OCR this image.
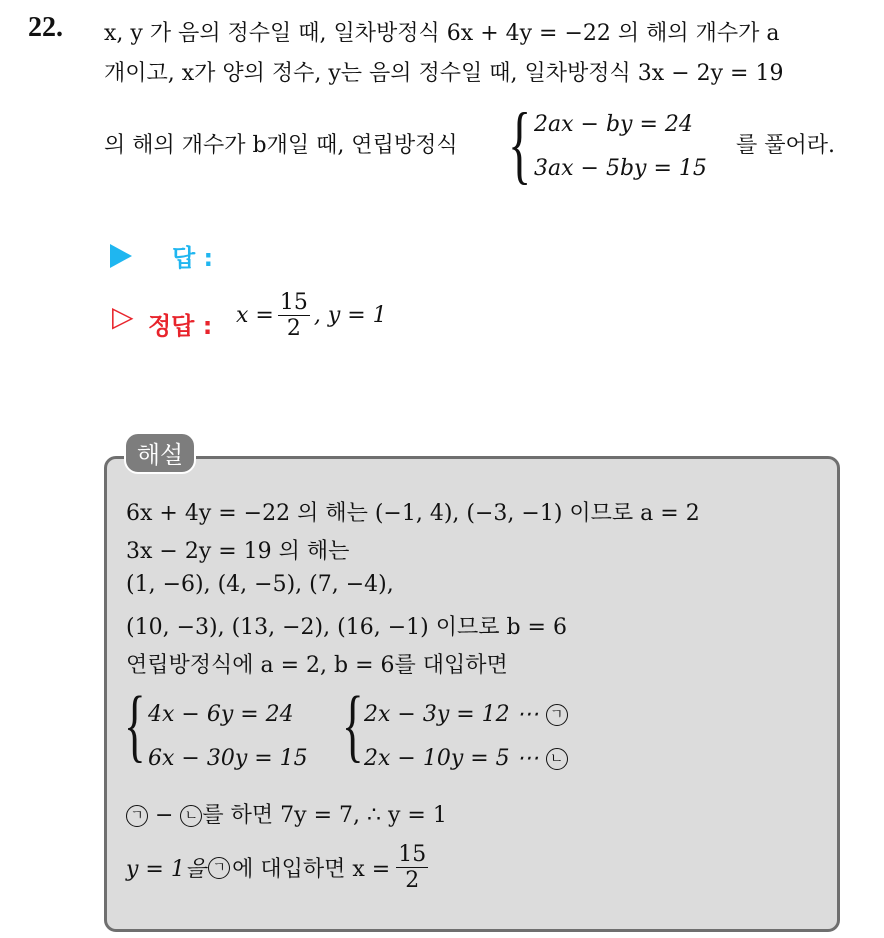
22. x, y 가 음의 정수일 때, 일차방정식 6x + 4y = −22 의 해의 개수가 a
개이고, x가 양의 정수, y는 음의 정수일 때, 일차방정식 3x − 2y = 19
의 해의 개수가 b개일 때, 연립방정식 { 2ax − by = 24
3ax − 5by = 15
를 풀어라.
답 :
▷ 정답 : $x = \frac{15}{2}$ , y = 1
해설
6x + 4y = −22 의 해는 (−1, 4), (−3, −1) 이므로 a = 2
3x − 2y = 19 의 해는
(1, −6), (4, −5), (7, −4),
(10, −3), (13, −2), (16, −1) 이므로 b = 6
연립방정식에 a = 2, b = 6를 대입하면
{ 4x − 6y = 24
6x − 30y = 15 { 2x − 3y = 12 ⋯ ㄱ
2x − 10y = 5 ⋯ ㄴ
ㄱ − ㄴ 를 하면 7y = 7, ∴ y = 1
y = 1을 ㄱ 에 대입하면 $x = \frac{15}{2}$
